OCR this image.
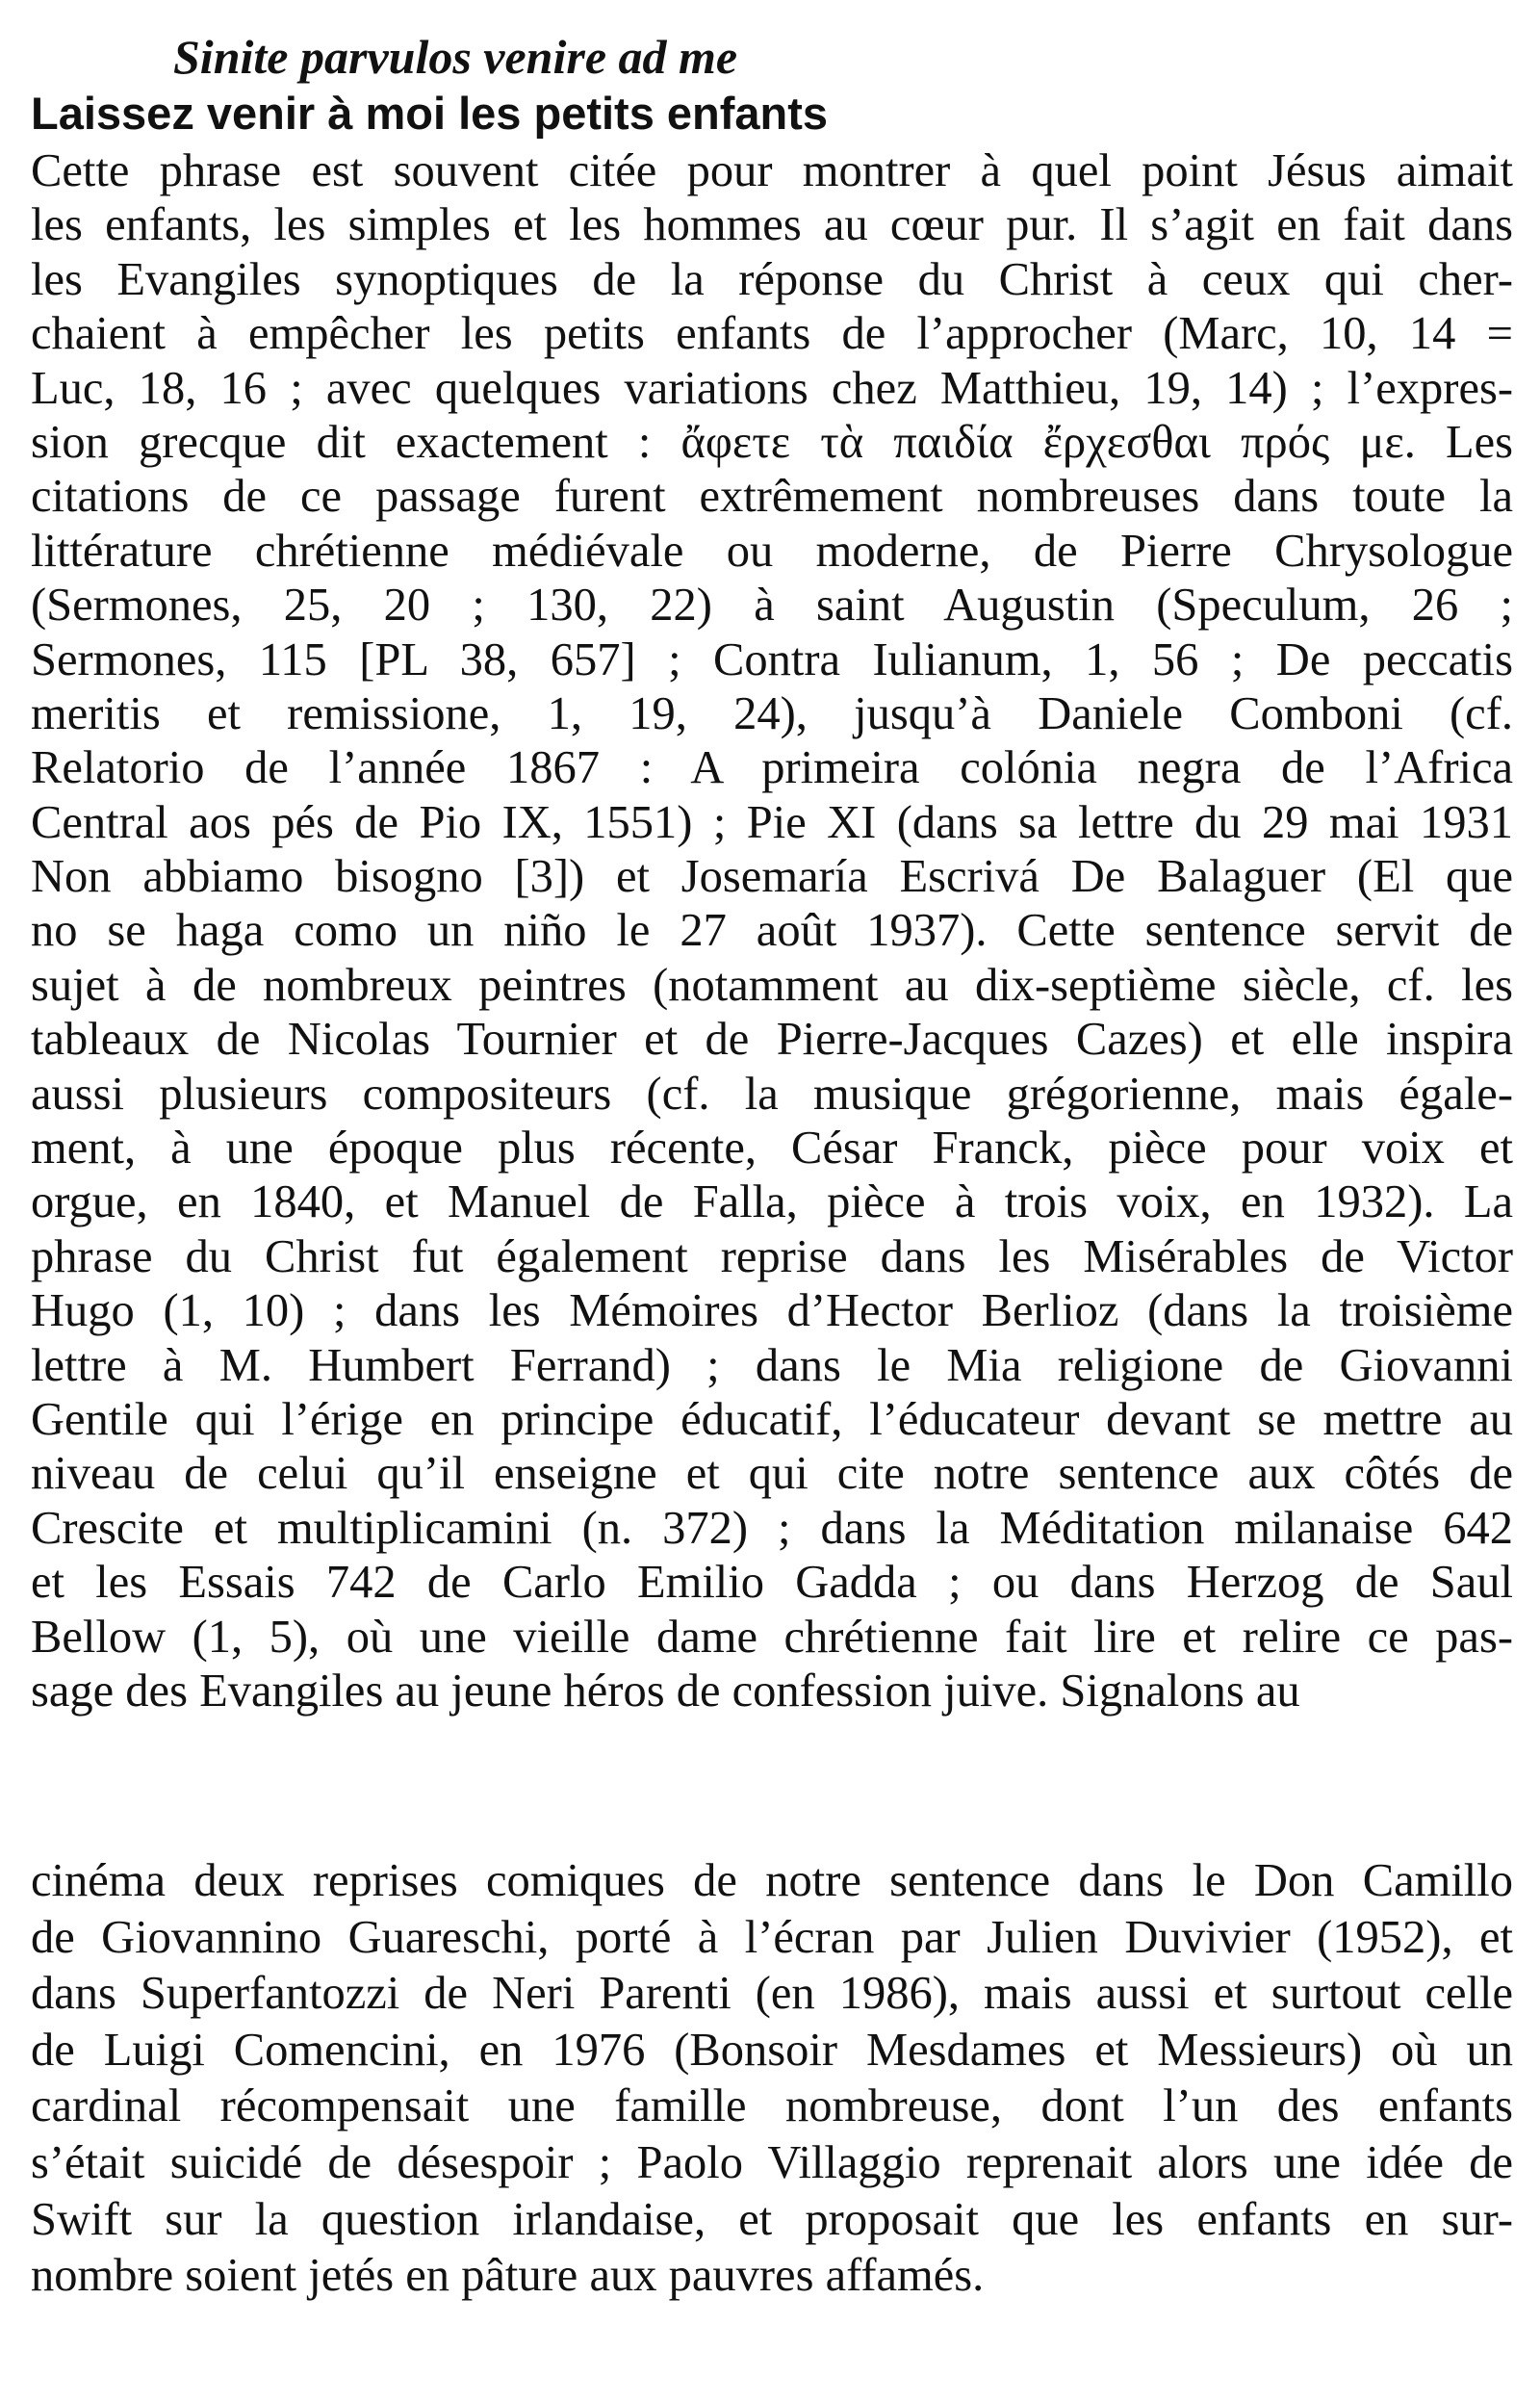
Sinite parvulos venire ad me
Laissez venir à moi les petits enfants
Cette phrase est souvent citée pour montrer à quel point Jésus aimait
les enfants, les simples et les hommes au cœur pur. Il s’agit en fait dans
les Evangiles synoptiques de la réponse du Christ à ceux qui cher-
chaient à empêcher les petits enfants de l’approcher (Marc, 10, 14 =
Luc, 18, 16 ; avec quelques variations chez Matthieu, 19, 14) ; l’expres-
sion grecque dit exactement : ἄφετε τὰ παιδία ἔρχεσθαι πρός με. Les
citations de ce passage furent extrêmement nombreuses dans toute la
littérature chrétienne médiévale ou moderne, de Pierre Chrysologue
(Sermones, 25, 20 ; 130, 22) à saint Augustin (Speculum, 26 ;
Sermones, 115 [PL 38, 657] ; Contra Iulianum, 1, 56 ; De peccatis
meritis et remissione, 1, 19, 24), jusqu’à Daniele Comboni (cf.
Relatorio de l’année 1867 : A primeira colónia negra de l’Africa
Central aos pés de Pio IX, 1551) ; Pie XI (dans sa lettre du 29 mai 1931
Non abbiamo bisogno [3]) et Josemaría Escrivá De Balaguer (El que
no se haga como un niño le 27 août 1937). Cette sentence servit de
sujet à de nombreux peintres (notamment au dix-septième siècle, cf. les
tableaux de Nicolas Tournier et de Pierre-Jacques Cazes) et elle inspira
aussi plusieurs compositeurs (cf. la musique grégorienne, mais égale-
ment, à une époque plus récente, César Franck, pièce pour voix et
orgue, en 1840, et Manuel de Falla, pièce à trois voix, en 1932). La
phrase du Christ fut également reprise dans les Misérables de Victor
Hugo (1, 10) ; dans les Mémoires d’Hector Berlioz (dans la troisième
lettre à M. Humbert Ferrand) ; dans le Mia religione de Giovanni
Gentile qui l’érige en principe éducatif, l’éducateur devant se mettre au
niveau de celui qu’il enseigne et qui cite notre sentence aux côtés de
Crescite et multiplicamini (n. 372) ; dans la Méditation milanaise 642
et les Essais 742 de Carlo Emilio Gadda ; ou dans Herzog de Saul
Bellow (1, 5), où une vieille dame chrétienne fait lire et relire ce pas-
sage des Evangiles au jeune héros de confession juive. Signalons au
cinéma deux reprises comiques de notre sentence dans le Don Camillo
de Giovannino Guareschi, porté à l’écran par Julien Duvivier (1952), et
dans Superfantozzi de Neri Parenti (en 1986), mais aussi et surtout celle
de Luigi Comencini, en 1976 (Bonsoir Mesdames et Messieurs) où un
cardinal récompensait une famille nombreuse, dont l’un des enfants
s’était suicidé de désespoir ; Paolo Villaggio reprenait alors une idée de
Swift sur la question irlandaise, et proposait que les enfants en sur-
nombre soient jetés en pâture aux pauvres affamés.
